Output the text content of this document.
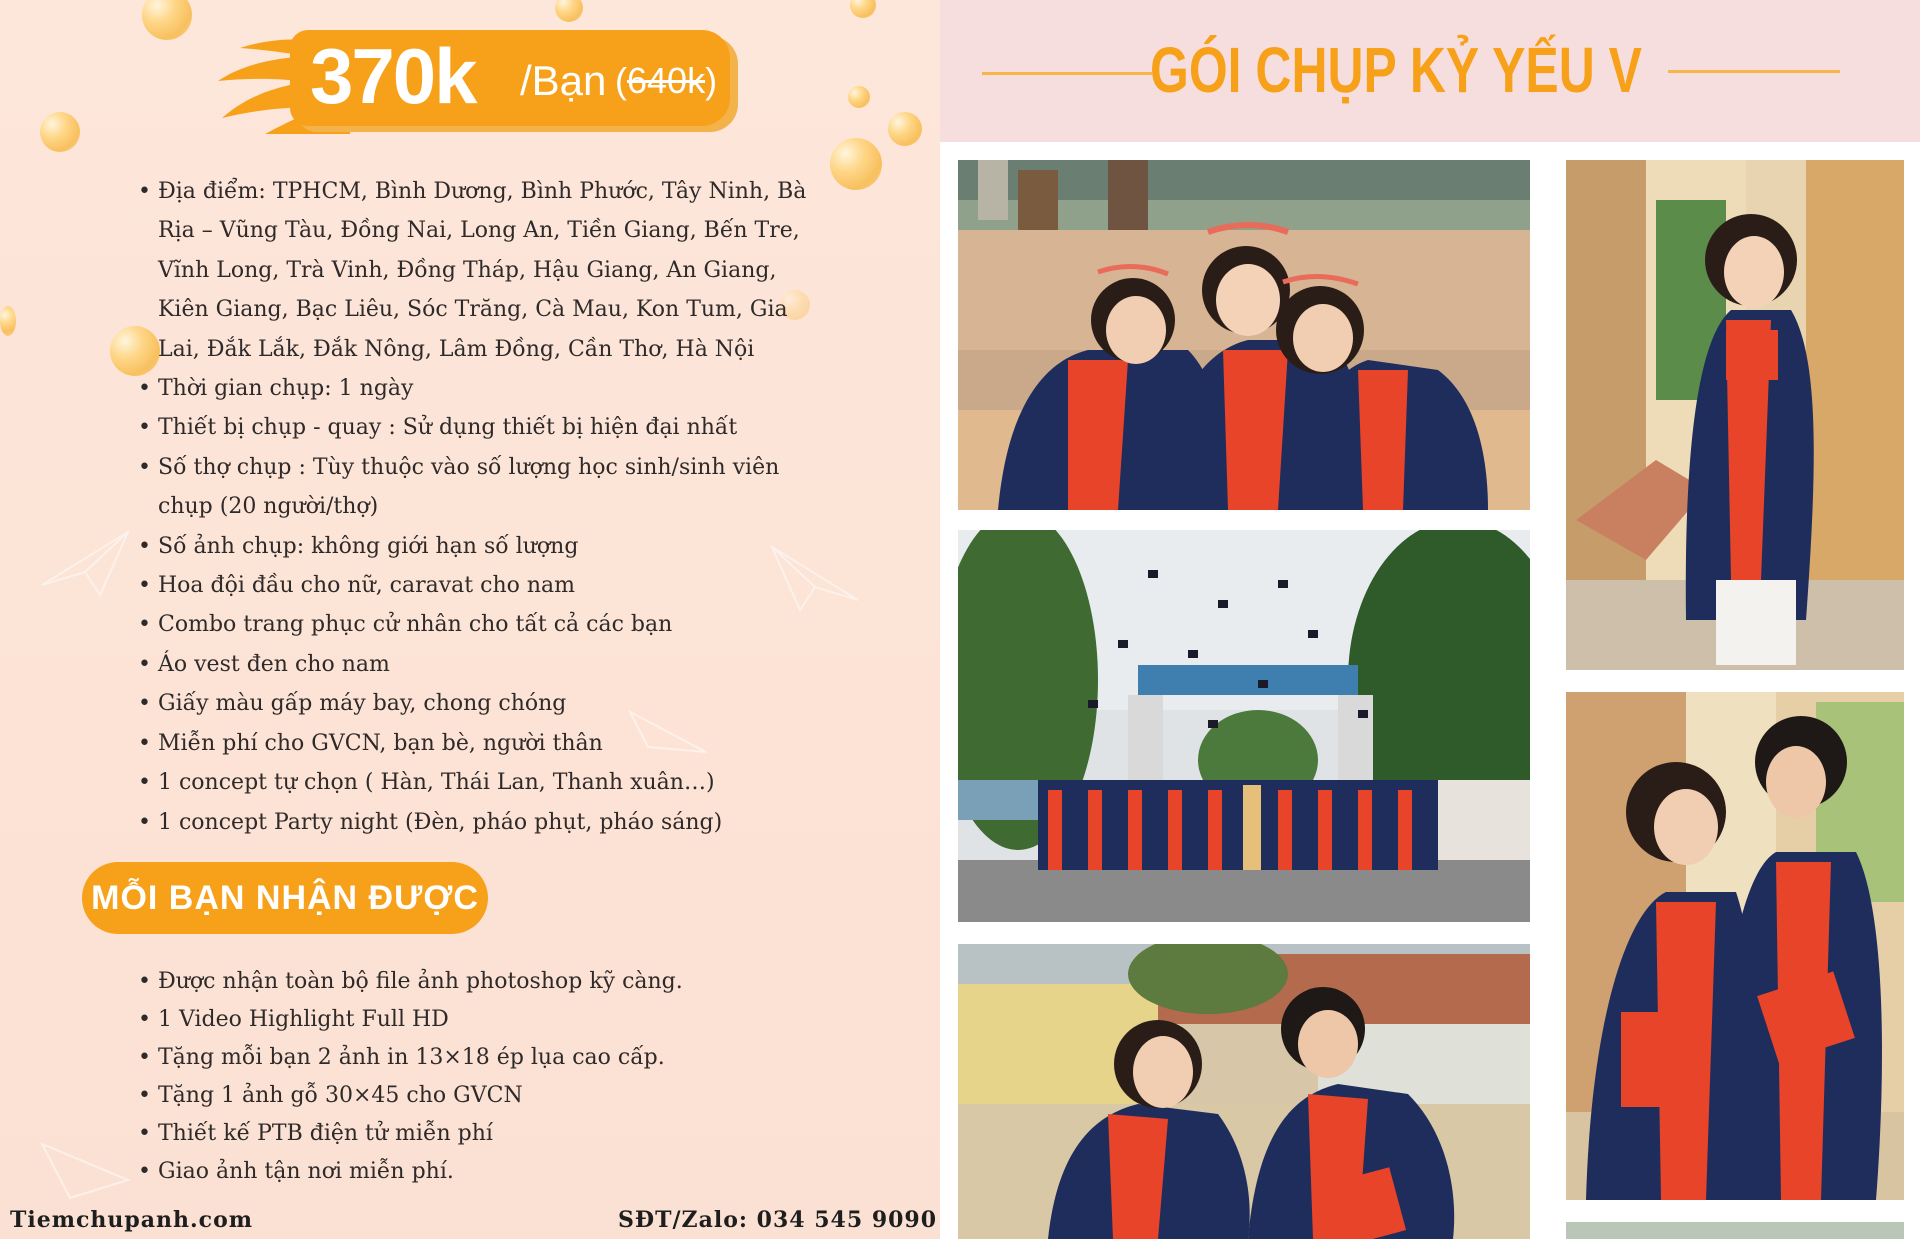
370k /Bạn (640k)
• Địa điểm: TPHCM, Bình Dương, Bình Phước, Tây Ninh, Bà Rịa – Vũng Tàu, Đồng Nai, Long An, Tiền Giang, Bến Tre, Vĩnh Long, Trà Vinh, Đồng Tháp, Hậu Giang, An Giang, Kiên Giang, Bạc Liêu, Sóc Trăng, Cà Mau, Kon Tum, Gia Lai, Đắk Lắk, Đắk Nông, Lâm Đồng, Cần Thơ, Hà Nội
• Thời gian chụp: 1 ngày
• Thiết bị chụp - quay : Sử dụng thiết bị hiện đại nhất
• Số thợ chụp : Tùy thuộc vào số lượng học sinh/sinh viên chụp (20 người/thợ)
• Số ảnh chụp: không giới hạn số lượng
• Hoa đội đầu cho nữ, caravat cho nam
• Combo trang phục cử nhân cho tất cả các bạn
• Áo vest đen cho nam
• Giấy màu gấp máy bay, chong chóng
• Miễn phí cho GVCN, bạn bè, người thân
• 1 concept tự chọn ( Hàn, Thái Lan, Thanh xuân…)
• 1 concept Party night (Đèn, pháo phụt, pháo sáng)
MỖI BẠN NHẬN ĐƯỢC
• Được nhận toàn bộ file ảnh photoshop kỹ càng.
• 1 Video Highlight Full HD
• Tặng mỗi bạn 2 ảnh in 13×18 ép lụa cao cấp.
• Tặng 1 ảnh gỗ 30×45 cho GVCN
• Thiết kế PTB điện tử miễn phí
• Giao ảnh tận nơi miễn phí.
Tiemchupanh.com	SĐT/Zalo: 034 545 9090
GÓI CHỤP KỶ YẾU V
